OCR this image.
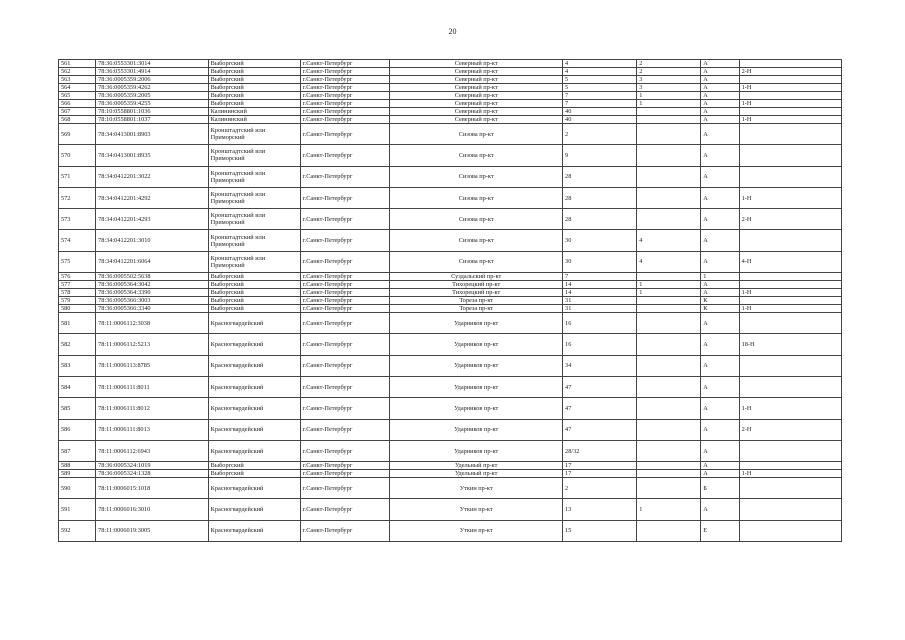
20
561	78:36:0553301:3014	Выборгский	г.Санкт-Петербург	Северный пр-кт	4	2	А	
562	78:36:0553301:4914	Выборгский	г.Санкт-Петербург	Северный пр-кт	4	2	А	2-Н
563	78:36:0005359:2006	Выборгский	г.Санкт-Петербург	Северный пр-кт	5	3	А	
564	78:36:0005359:4262	Выборгский	г.Санкт-Петербург	Северный пр-кт	5	3	А	1-Н
565	78:36:0005359:2005	Выборгский	г.Санкт-Петербург	Северный пр-кт	7	1	А	
566	78:36:0005359:4255	Выборгский	г.Санкт-Петербург	Северный пр-кт	7	1	А	1-Н
567	78:10:0558801:1036	Калининский	г.Санкт-Петербург	Северный пр-кт	40		А	
568	78:10:0558801:1037	Калининский	г.Санкт-Петербург	Северный пр-кт	40		А	1-Н
569	78:34:0413001:8903	Кронштадтский или Приморский	г.Санкт-Петербург	Сизова пр-кт	2		А	
570	78:34:0413001:8935	Кронштадтский или Приморский	г.Санкт-Петербург	Сизова пр-кт	9		А	
571	78:34:0412201:3022	Кронштадтский или Приморский	г.Санкт-Петербург	Сизова пр-кт	28		А	
572	78:34:0412201:4292	Кронштадтский или Приморский	г.Санкт-Петербург	Сизова пр-кт	28		А	1-Н
573	78:34:0412201:4293	Кронштадтский или Приморский	г.Санкт-Петербург	Сизова пр-кт	28		А	2-Н
574	78:34:0412201:3010	Кронштадтский или Приморский	г.Санкт-Петербург	Сизова пр-кт	30	4	А	
575	78:34:0412201:6064	Кронштадтский или Приморский	г.Санкт-Петербург	Сизова пр-кт	30	4	А	4-Н
576	78:36:0005502:5638	Выборгский	г.Санкт-Петербург	Суздальский пр-кт	7		1	
577	78:36:0005364:3042	Выборгский	г.Санкт-Петербург	Тихорецкий пр-кт	14	1	А	
578	78:36:0005364:3390	Выборгский	г.Санкт-Петербург	Тихорецкий пр-кт	14	1	А	1-Н
579	78:36:0005366:3003	Выборгский	г.Санкт-Петербург	Тореза пр-кт	31		К	
580	78:36:0005366:3340	Выборгский	г.Санкт-Петербург	Тореза пр-кт	31		К	1-Н
581	78:11:0006112:3038	Красногвардейский	г.Санкт-Петербург	Ударников пр-кт	16		А	
582	78:11:0006112:5213	Красногвардейский	г.Санкт-Петербург	Ударников пр-кт	16		А	18-Н
583	78:11:0006113:8785	Красногвардейский	г.Санкт-Петербург	Ударников пр-кт	34		А	
584	78:11:0006111:8011	Красногвардейский	г.Санкт-Петербург	Ударников пр-кт	47		А	
585	78:11:0006111:8012	Красногвардейский	г.Санкт-Петербург	Ударников пр-кт	47		А	1-Н
586	78:11:0006111:8013	Красногвардейский	г.Санкт-Петербург	Ударников пр-кт	47		А	2-Н
587	78:11:0006112:6943	Красногвардейский	г.Санкт-Петербург	Ударников пр-кт	28/32		А	
588	78:36:0005324:1019	Выборгский	г.Санкт-Петербург	Удельный пр-кт	17		А	
589	78:36:0005324:1328	Выборгский	г.Санкт-Петербург	Удельный пр-кт	17		А	1-Н
590	78:11:0006015:1018	Красногвардейский	г.Санкт-Петербург	Уткин пр-кт	2		Б	
591	78:11:0006016:3010	Красногвардейский	г.Санкт-Петербург	Уткин пр-кт	13	1	А	
592	78:11:0006019:3005	Красногвардейский	г.Санкт-Петербург	Уткин пр-кт	15		Е	
